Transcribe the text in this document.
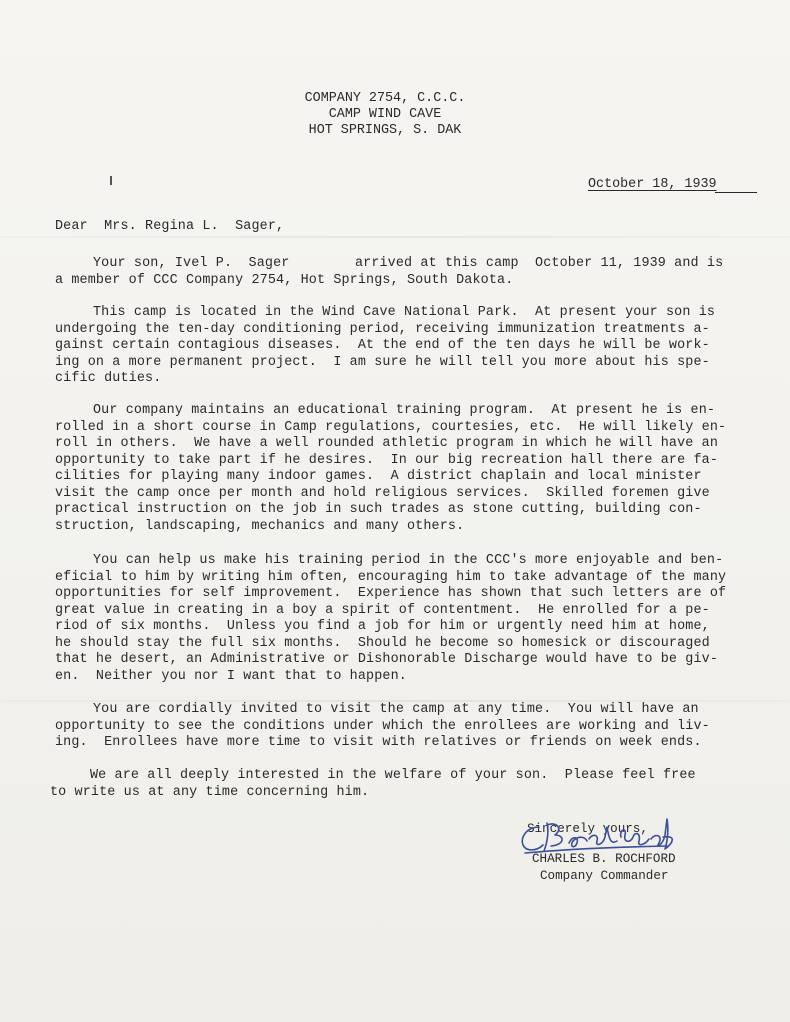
COMPANY 2754, C.C.C.
CAMP WIND CAVE
HOT SPRINGS, S. DAK
October 18, 1939
Dear  Mrs. Regina L.  Sager,
Your son, Ivel P.  Sager        arrived at this camp  October 11, 1939 and is
a member of CCC Company 2754, Hot Springs, South Dakota.
This camp is located in the Wind Cave National Park.  At present your son is
undergoing the ten-day conditioning period, receiving immunization treatments a-
gainst certain contagious diseases.  At the end of the ten days he will be work-
ing on a more permanent project.  I am sure he will tell you more about his spe-
cific duties.
Our company maintains an educational training program.  At present he is en-
rolled in a short course in Camp regulations, courtesies, etc.  He will likely en-
roll in others.  We have a well rounded athletic program in which he will have an
opportunity to take part if he desires.  In our big recreation hall there are fa-
cilities for playing many indoor games.  A district chaplain and local minister
visit the camp once per month and hold religious services.  Skilled foremen give
practical instruction on the job in such trades as stone cutting, building con-
struction, landscaping, mechanics and many others.
You can help us make his training period in the CCC's more enjoyable and ben-
eficial to him by writing him often, encouraging him to take advantage of the many
opportunities for self improvement.  Experience has shown that such letters are of
great value in creating in a boy a spirit of contentment.  He enrolled for a pe-
riod of six months.  Unless you find a job for him or urgently need him at home,
he should stay the full six months.  Should he become so homesick or discouraged
that he desert, an Administrative or Dishonorable Discharge would have to be giv-
en.  Neither you nor I want that to happen.
You are cordially invited to visit the camp at any time.  You will have an
opportunity to see the conditions under which the enrollees are working and liv-
ing.  Enrollees have more time to visit with relatives or friends on week ends.
We are all deeply interested in the welfare of your son.  Please feel free
to write us at any time concerning him.
Sincerely yours,
CHARLES B. ROCHFORD
Company Commander
